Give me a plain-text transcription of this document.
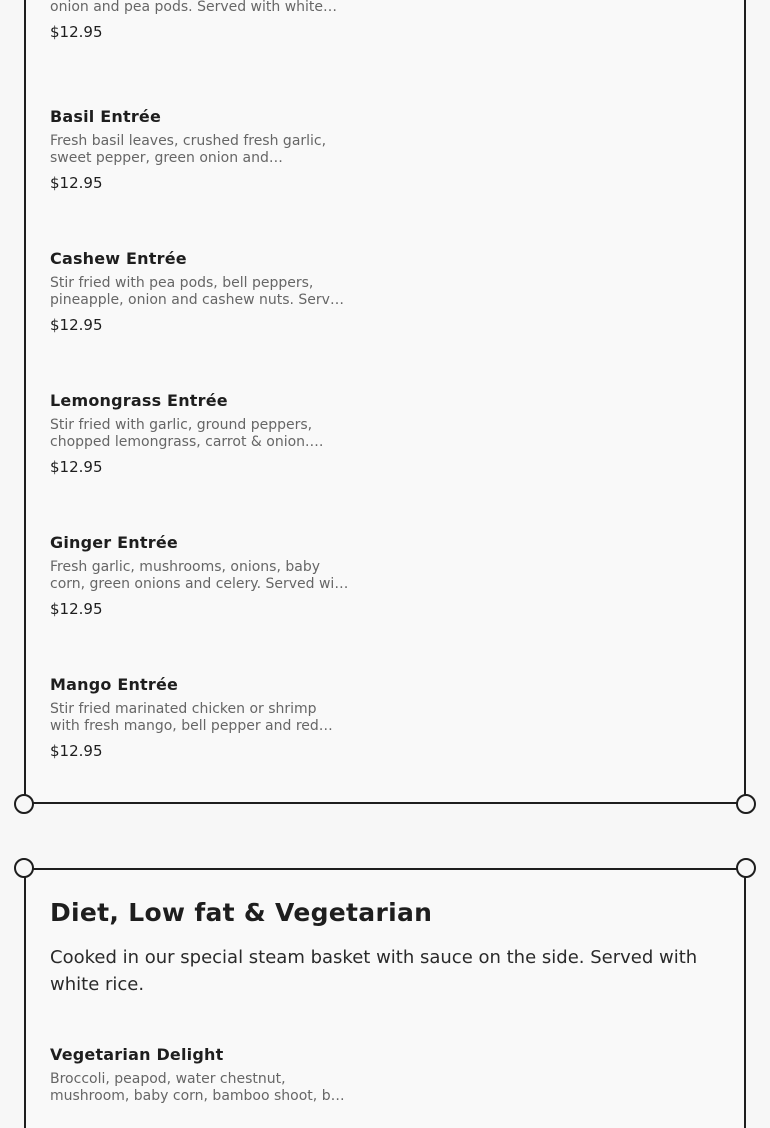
onion and pea pods. Served with white
$12.95
Basil Entrée
Fresh basil leaves, crushed fresh garlic, sweet pepper, green onion and
$12.95
Cashew Entrée
Stir fried with pea pods, bell peppers, pineapple, onion and cashew nuts. Served
$12.95
Lemongrass Entrée
Stir fried with garlic, ground peppers, chopped lemongrass, carrot & onion.
$12.95
Ginger Entrée
Fresh garlic, mushrooms, onions, baby corn, green onions and celery. Served with
$12.95
Mango Entrée
Stir fried marinated chicken or shrimp with fresh mango, bell pepper and red
$12.95
Diet, Low fat & Vegetarian
Cooked in our special steam basket with sauce on the side. Served with white rice.
Vegetarian Delight
Broccoli, peapod, water chestnut, mushroom, baby corn, bamboo shoot, bok
